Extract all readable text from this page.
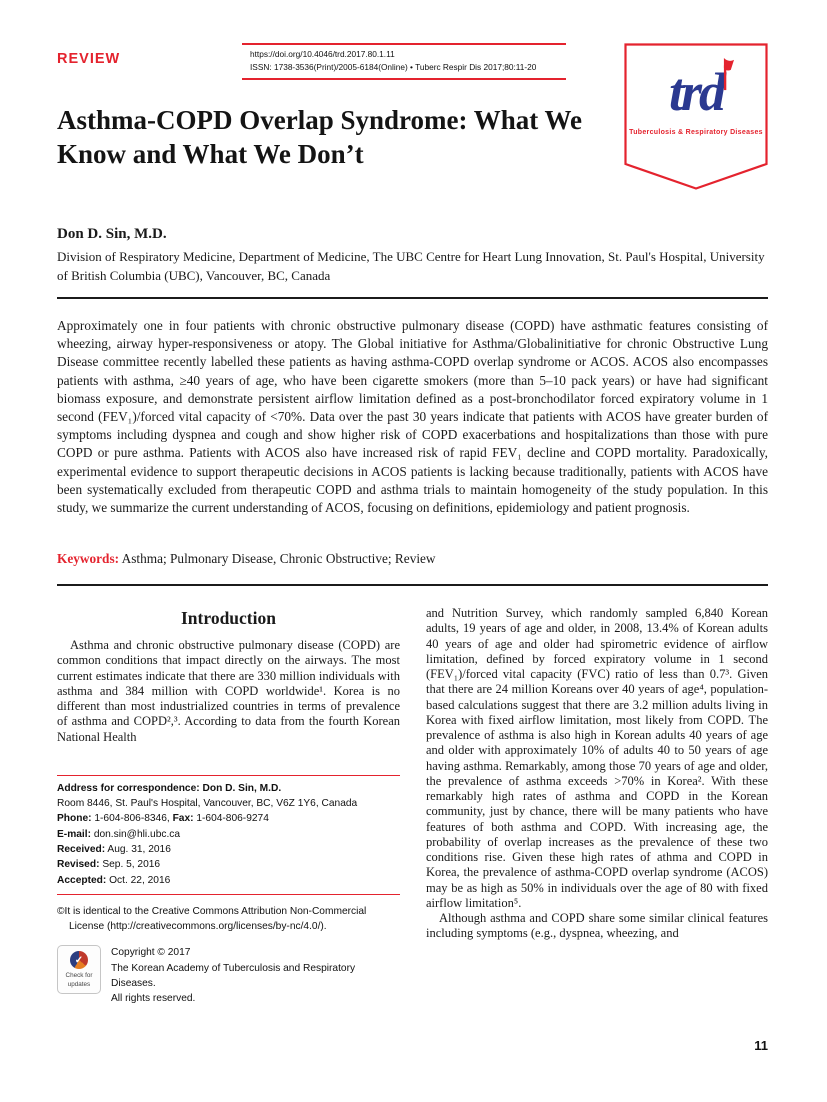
REVIEW	https://doi.org/10.4046/trd.2017.80.1.11
ISSN: 1738-3536(Print)/2005-6184(Online) • Tuberc Respir Dis 2017;80:11-20	trd
Tuberculosis & Respiratory Diseases
Asthma-COPD Overlap Syndrome: What We Know and What We Don’t
Don D. Sin, M.D.
Division of Respiratory Medicine, Department of Medicine, The UBC Centre for Heart Lung Innovation, St. Paul's Hospital, University of British Columbia (UBC), Vancouver, BC, Canada

Approximately one in four patients with chronic obstructive pulmonary disease (COPD) have asthmatic features consisting of wheezing, airway hyper-responsiveness or atopy. The Global initiative for Asthma/Globalinitiative for chronic Obstructive Lung Disease committee recently labelled these patients as having asthma-COPD overlap syndrome or ACOS. ACOS also encompasses patients with asthma, ≥40 years of age, who have been cigarette smokers (more than 5–10 pack years) or have had significant biomass exposure, and demonstrate persistent airflow limitation defined as a post-bronchodilator forced expiratory volume in 1 second (FEV₁)/forced vital capacity of <70%. Data over the past 30 years indicate that patients with ACOS have greater burden of symptoms including dyspnea and cough and show higher risk of COPD exacerbations and hospitalizations than those with pure COPD or pure asthma. Patients with ACOS also have increased risk of rapid FEV₁ decline and COPD mortality. Paradoxically, experimental evidence to support therapeutic decisions in ACOS patients is lacking because traditionally, patients with ACOS have been systematically excluded from therapeutic COPD and asthma trials to maintain homogeneity of the study population. In this study, we summarize the current understanding of ACOS, focusing on definitions, epidemiology and patient prognosis.

Keywords: Asthma; Pulmonary Disease, Chronic Obstructive; Review

Introduction

Asthma and chronic obstructive pulmonary disease (COPD) are common conditions that impact directly on the airways. The most current estimates indicate that there are 330 million individuals with asthma and 384 million with COPD worldwide¹. Korea is no different than most industrialized countries in terms of prevalence of asthma and COPD²,³. According to data from the fourth Korean National Health

Address for correspondence: Don D. Sin, M.D.
Room 8446, St. Paul's Hospital, Vancouver, BC, V6Z 1Y6, Canada
Phone: 1-604-806-8346, Fax: 1-604-806-9274
E-mail: don.sin@hli.ubc.ca
Received: Aug. 31, 2016
Revised: Sep. 5, 2016
Accepted: Oct. 22, 2016

©It is identical to the Creative Commons Attribution Non-Commercial License (http://creativecommons.org/licenses/by-nc/4.0/).

✓
Check for updates
Copyright © 2017
The Korean Academy of Tuberculosis and Respiratory Diseases.
All rights reserved.

and Nutrition Survey, which randomly sampled 6,840 Korean adults, 19 years of age and older, in 2008, 13.4% of Korean adults 40 years of age and older had spirometric evidence of airflow limitation, defined by forced expiratory volume in 1 second (FEV₁)/forced vital capacity (FVC) ratio of less than 0.7³. Given that there are 24 million Koreans over 40 years of age⁴, population-based calculations suggest that there are 3.2 million adults living in Korea with fixed airflow limitation, most likely from COPD. The prevalence of asthma is also high in Korean adults 40 years of age and older with approximately 10% of adults 40 to 50 years of age having asthma. Remarkably, among those 70 years of age and older, the prevalence of asthma exceeds >70% in Korea². With these remarkably high rates of asthma and COPD in the Korean community, just by chance, there will be many patients who have features of both asthma and COPD. With increasing age, the probability of overlap increases as the prevalence of these two conditions rise. Given these high rates of athma and COPD in Korea, the prevalence of asthma-COPD overlap syndrome (ACOS) may be as high as 50% in individuals over the age of 80 with fixed airflow limitation⁵.

Although asthma and COPD share some similar clinical features including symptoms (e.g., dyspnea, wheezing, and

11
